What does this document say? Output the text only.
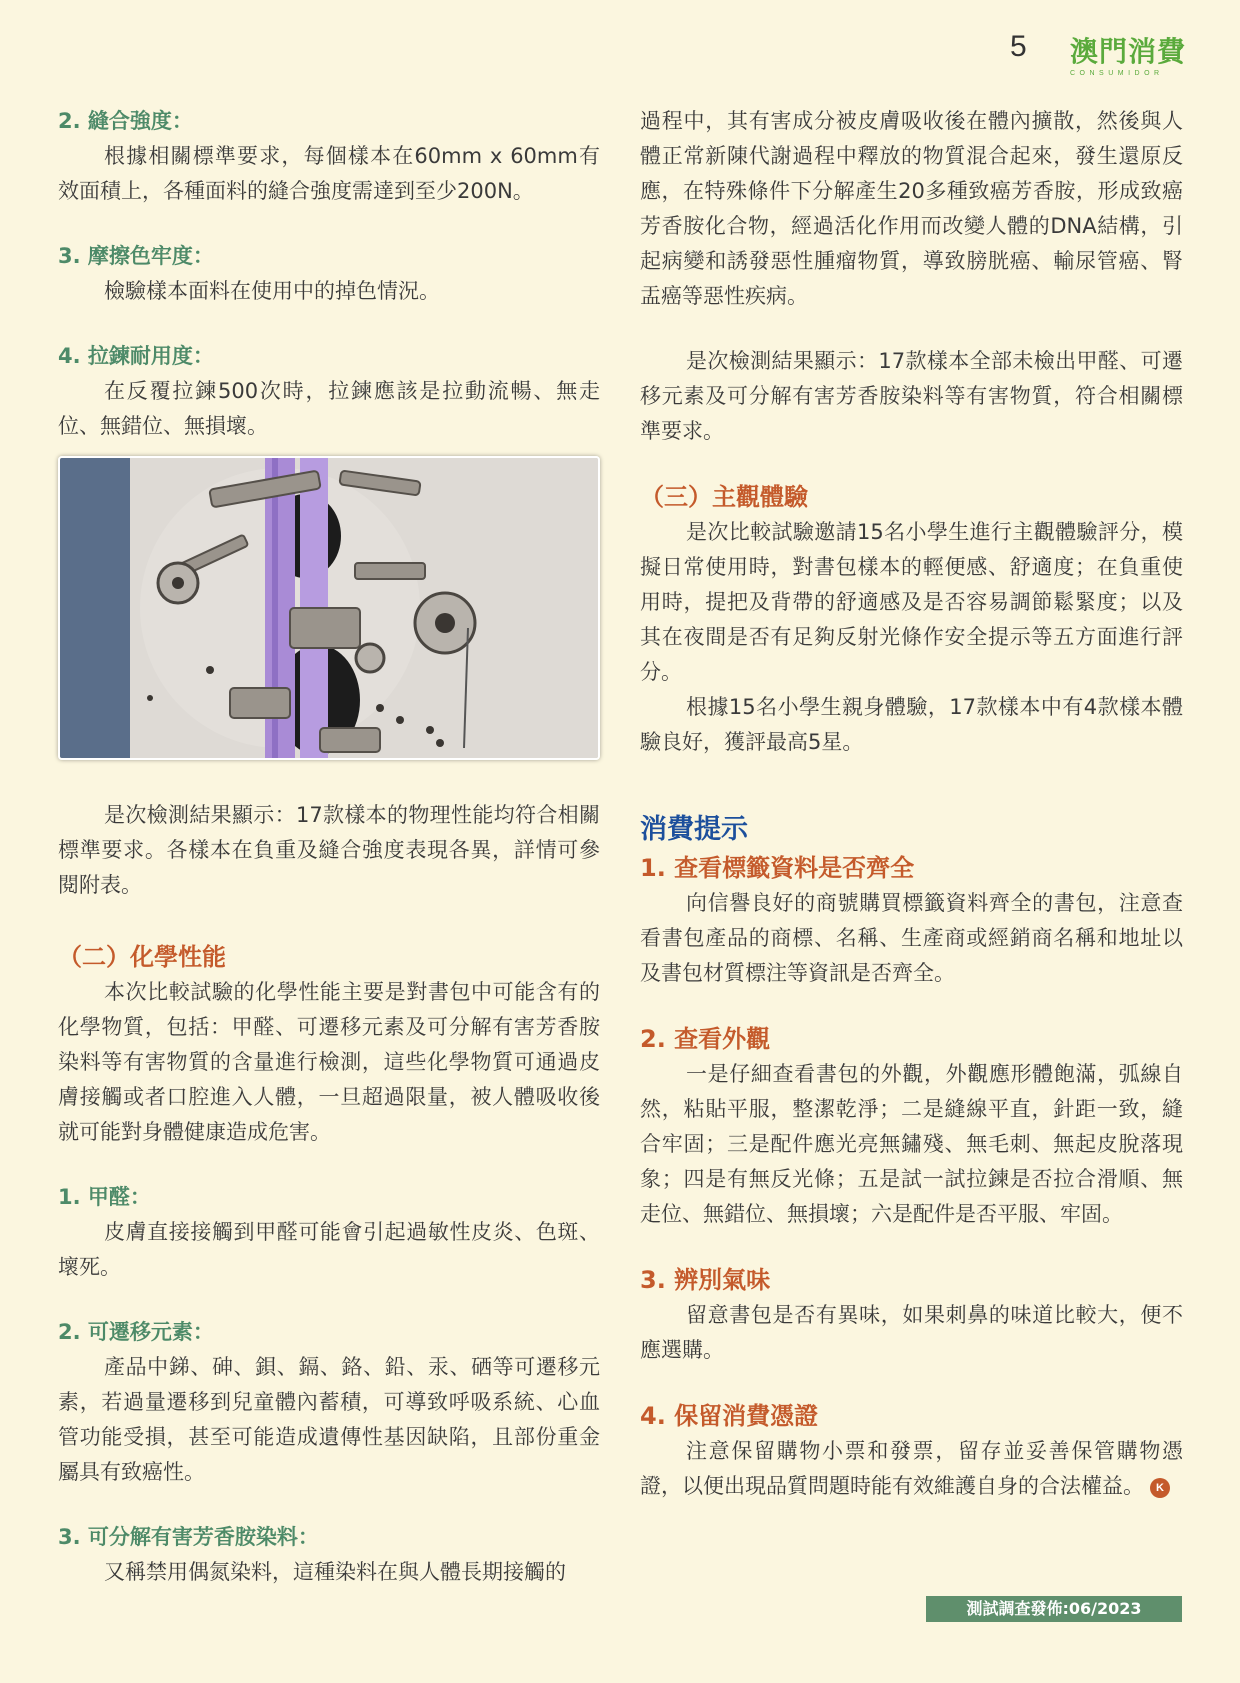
5 澳門消費
CONSUMIDOR
2. 縫合強度：

根據相關標準要求，每個樣本在60mm x 60mm有效面積上，各種面料的縫合強度需達到至少200N。

3. 摩擦色牢度：

檢驗樣本面料在使用中的掉色情況。

4. 拉鍊耐用度：

在反覆拉鍊500次時，拉鍊應該是拉動流暢、無走位、無錯位、無損壞。

是次檢測結果顯示：17款樣本的物理性能均符合相關標準要求。各樣本在負重及縫合強度表現各異，詳情可參閱附表。

（二）化學性能

本次比較試驗的化學性能主要是對書包中可能含有的化學物質，包括：甲醛、可遷移元素及可分解有害芳香胺染料等有害物質的含量進行檢測，這些化學物質可通過皮膚接觸或者口腔進入人體，一旦超過限量，被人體吸收後就可能對身體健康造成危害。

1. 甲醛：

皮膚直接接觸到甲醛可能會引起過敏性皮炎、色斑、壞死。

2. 可遷移元素：

產品中銻、砷、鋇、鎘、鉻、鉛、汞、硒等可遷移元素，若過量遷移到兒童體內蓄積，可導致呼吸系統、心血管功能受損，甚至可能造成遺傳性基因缺陷，且部份重金屬具有致癌性。

3. 可分解有害芳香胺染料：

又稱禁用偶氮染料，這種染料在與人體長期接觸的

過程中，其有害成分被皮膚吸收後在體內擴散，然後與人體正常新陳代謝過程中釋放的物質混合起來，發生還原反應，在特殊條件下分解產生20多種致癌芳香胺，形成致癌芳香胺化合物，經過活化作用而改變人體的DNA結構，引起病變和誘發惡性腫瘤物質，導致膀胱癌、輸尿管癌、腎盂癌等惡性疾病。

是次檢測結果顯示：17款樣本全部未檢出甲醛、可遷移元素及可分解有害芳香胺染料等有害物質，符合相關標準要求。

（三）主觀體驗

是次比較試驗邀請15名小學生進行主觀體驗評分，模擬日常使用時，對書包樣本的輕便感、舒適度；在負重使用時，提把及背帶的舒適感及是否容易調節鬆緊度；以及其在夜間是否有足夠反射光條作安全提示等五方面進行評分。

根據15名小學生親身體驗，17款樣本中有4款樣本體驗良好，獲評最高5星。

消費提示
1. 查看標籤資料是否齊全

向信譽良好的商號購買標籤資料齊全的書包，注意查看書包產品的商標、名稱、生產商或經銷商名稱和地址以及書包材質標注等資訊是否齊全。

2. 查看外觀

一是仔細查看書包的外觀，外觀應形體飽滿，弧線自然，粘貼平服，整潔乾淨；二是縫線平直，針距一致，縫合牢固；三是配件應光亮無鏽殘、無毛刺、無起皮脫落現象；四是有無反光條；五是試一試拉鍊是否拉合滑順、無走位、無錯位、無損壞；六是配件是否平服、牢固。

3. 辨別氣味

留意書包是否有異味，如果刺鼻的味道比較大，便不應選購。

4. 保留消費憑證

注意保留購物小票和發票，留存並妥善保管購物憑證，以便出現品質問題時能有效維護自身的合法權益。 K

測試調查發佈:06/2023
